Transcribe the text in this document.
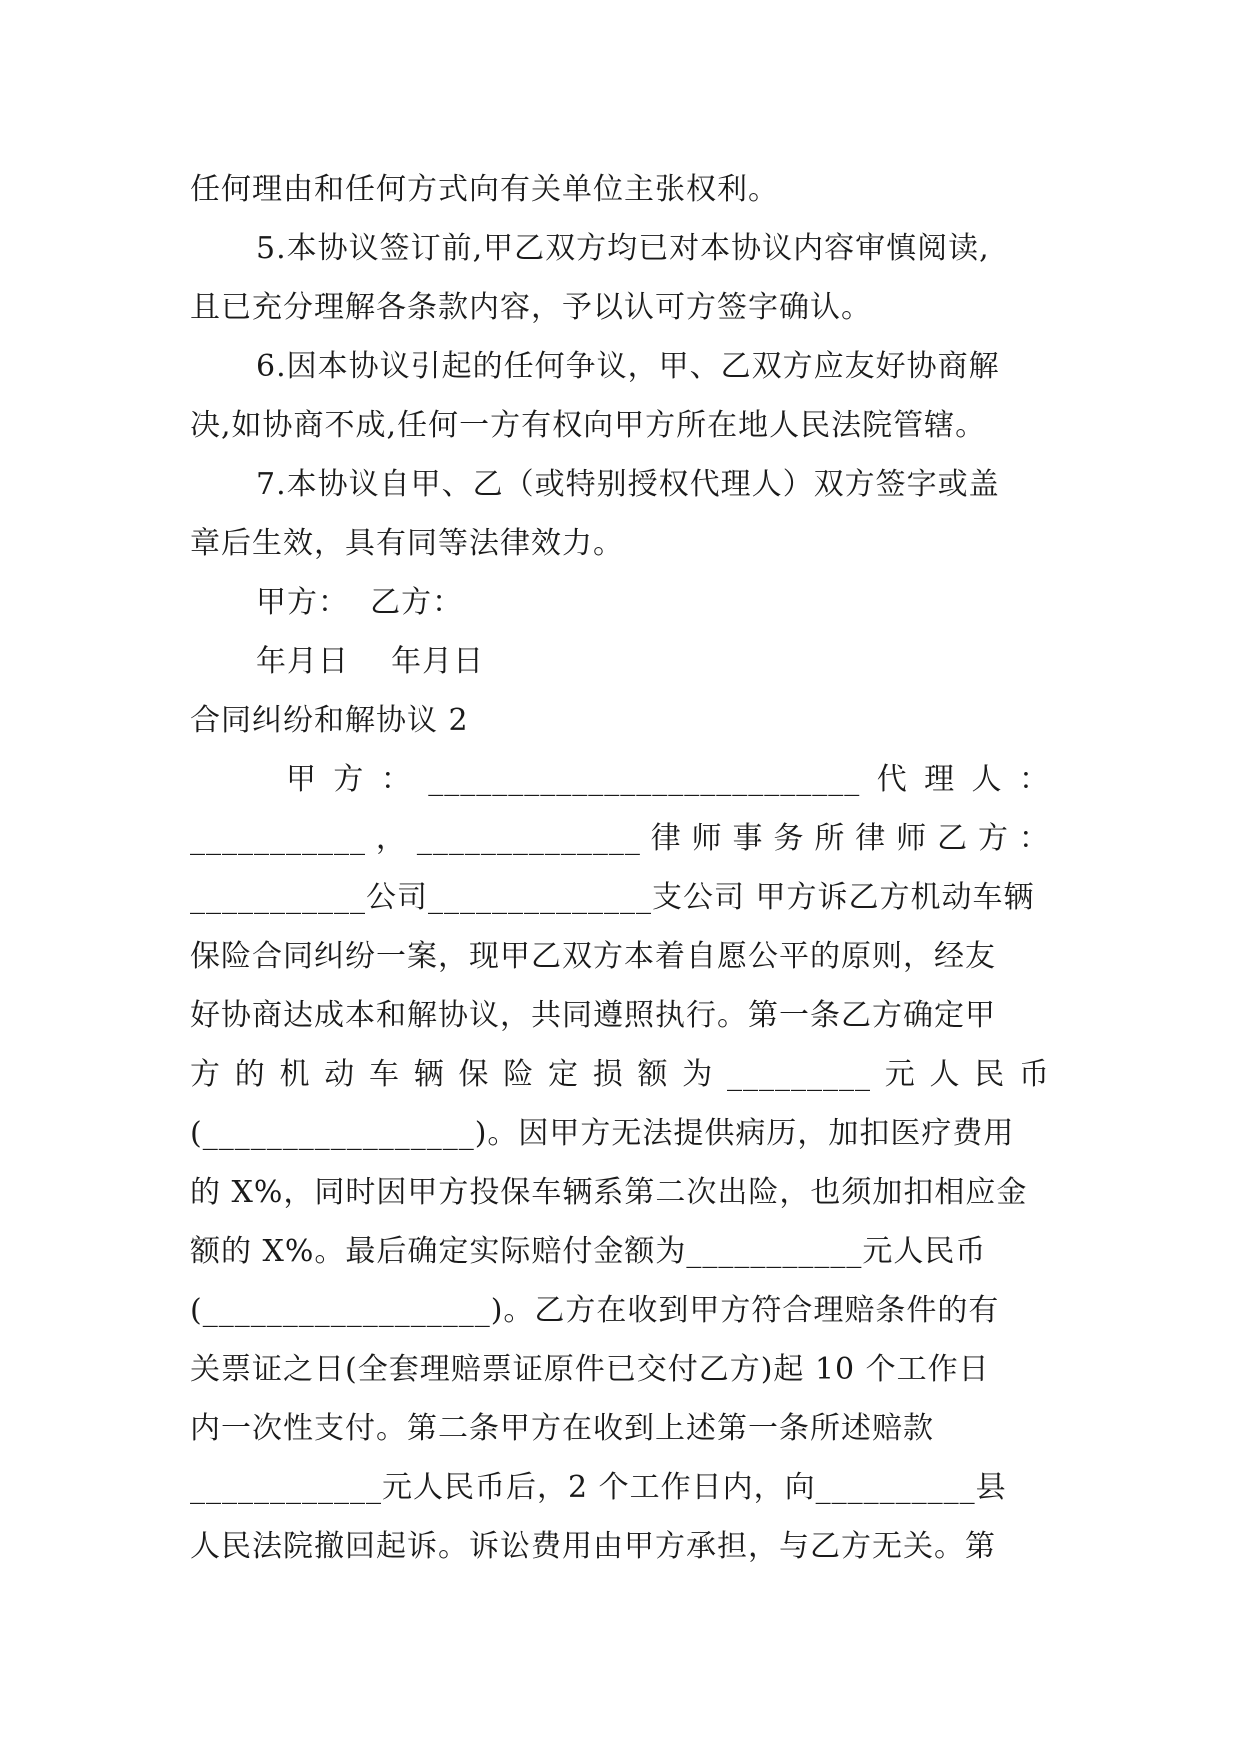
任何理由和任何方式向有关单位主张权利。
5.本协议签订前,甲乙双方均已对本协议内容审慎阅读,
且已充分理解各条款内容，予以认可方签字确认。
6.因本协议引起的任何争议，甲、乙双方应友好协商解
决,如协商不成,任何一方有权向甲方所在地人民法院管辖。
7.本协议自甲、乙（或特别授权代理人）双方签字或盖
章后生效，具有同等法律效力。
甲方：  乙方：
年月日    年月日
合同纠纷和解协议 2
甲 方 ： ___________________________ 代 理 人 ：
___________ ， ______________ 律 师 事 务 所 律 师 乙 方 ：
___________公司______________支公司 甲方诉乙方机动车辆
保险合同纠纷一案，现甲乙双方本着自愿公平的原则，经友
好协商达成本和解协议，共同遵照执行。第一条乙方确定甲
方 的 机 动 车 辆 保 险 定 损 额 为 _________ 元 人 民 币
(_________________)。因甲方无法提供病历，加扣医疗费用
的 X%，同时因甲方投保车辆系第二次出险，也须加扣相应金
额的 X%。最后确定实际赔付金额为___________元人民币
(__________________)。乙方在收到甲方符合理赔条件的有
关票证之日(全套理赔票证原件已交付乙方)起 10 个工作日
内一次性支付。第二条甲方在收到上述第一条所述赔款
____________元人民币后，2 个工作日内，向__________县
人民法院撤回起诉。诉讼费用由甲方承担，与乙方无关。第
